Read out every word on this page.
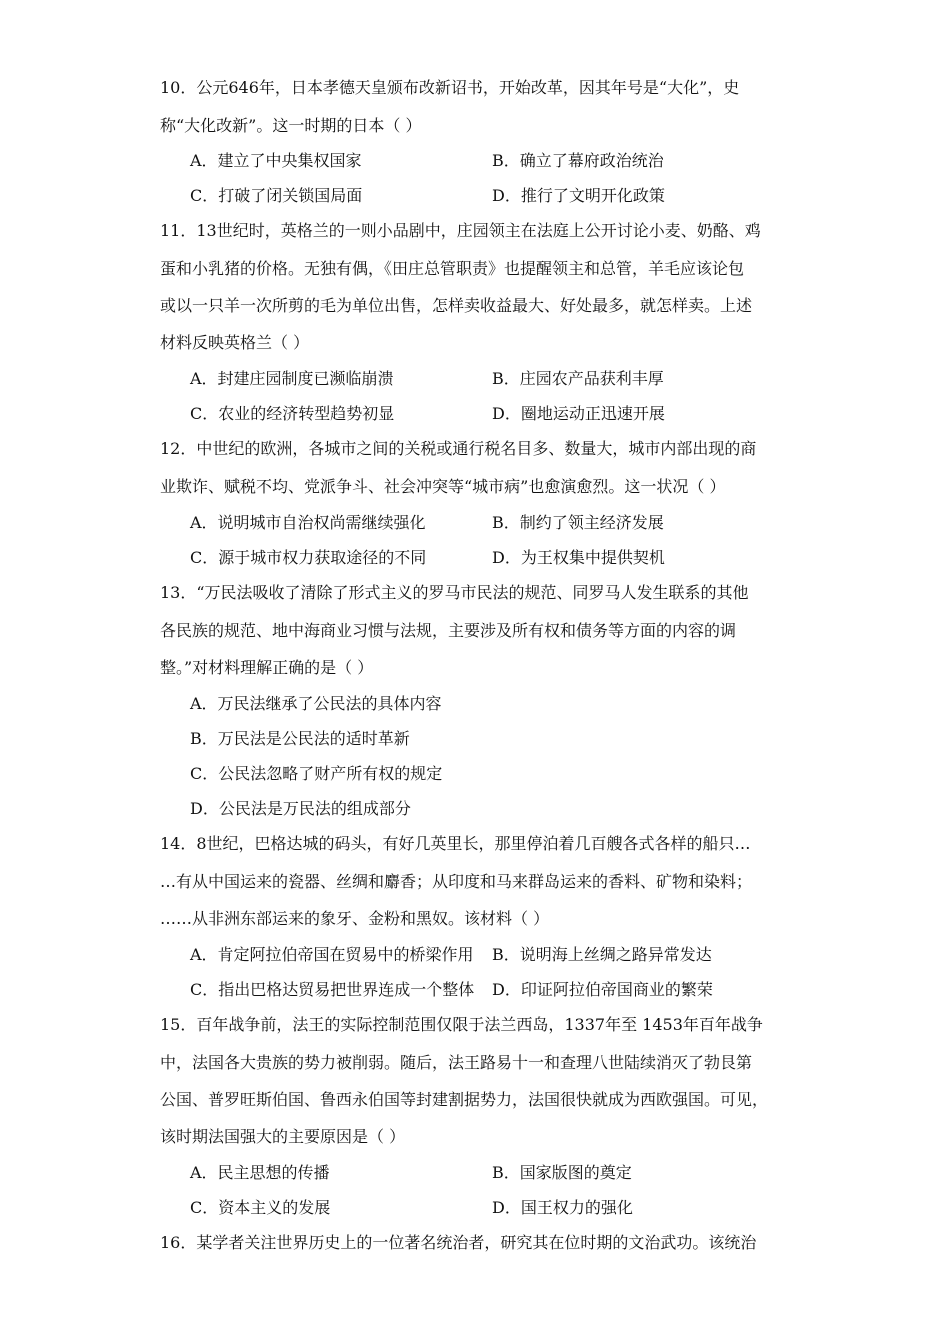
10．公元646年，日本孝德天皇颁布改新诏书，开始改革，因其年号是“大化”，史
称“大化改新”。这一时期的日本（ ）
A．建立了中央集权国家	B．确立了幕府政治统治
C．打破了闭关锁国局面	D．推行了文明开化政策
11．13世纪时，英格兰的一则小品剧中，庄园领主在法庭上公开讨论小麦、奶酪、鸡
蛋和小乳猪的价格。无独有偶，《田庄总管职责》也提醒领主和总管，羊毛应该论包
或以一只羊一次所剪的毛为单位出售，怎样卖收益最大、好处最多，就怎样卖。上述
材料反映英格兰（ ）
A．封建庄园制度已濒临崩溃	B．庄园农产品获利丰厚
C．农业的经济转型趋势初显	D．圈地运动正迅速开展
12．中世纪的欧洲，各城市之间的关税或通行税名目多、数量大，城市内部出现的商
业欺诈、赋税不均、党派争斗、社会冲突等“城市病”也愈演愈烈。这一状况（ ）
A．说明城市自治权尚需继续强化	B．制约了领主经济发展
C．源于城市权力获取途径的不同	D．为王权集中提供契机
13．“万民法吸收了清除了形式主义的罗马市民法的规范、同罗马人发生联系的其他
各民族的规范、地中海商业习惯与法规，主要涉及所有权和债务等方面的内容的调
整。”对材料理解正确的是（ ）
A．万民法继承了公民法的具体内容
B．万民法是公民法的适时革新
C．公民法忽略了财产所有权的规定
D．公民法是万民法的组成部分
14．8世纪，巴格达城的码头，有好几英里长，那里停泊着几百艘各式各样的船只…
…有从中国运来的瓷器、丝绸和麝香；从印度和马来群岛运来的香料、矿物和染料；
……从非洲东部运来的象牙、金粉和黑奴。该材料（ ）
A．肯定阿拉伯帝国在贸易中的桥梁作用 B．说明海上丝绸之路异常发达
C．指出巴格达贸易把世界连成一个整体 D．印证阿拉伯帝国商业的繁荣
15．百年战争前，法王的实际控制范围仅限于法兰西岛，1337年至 1453年百年战争
中，法国各大贵族的势力被削弱。随后，法王路易十一和查理八世陆续消灭了勃艮第
公国、普罗旺斯伯国、鲁西永伯国等封建割据势力，法国很快就成为西欧强国。可见，
该时期法国强大的主要原因是（ ）
A．民主思想的传播	B．国家版图的奠定
C．资本主义的发展	D．国王权力的强化
16．某学者关注世界历史上的一位著名统治者，研究其在位时期的文治武功。该统治
